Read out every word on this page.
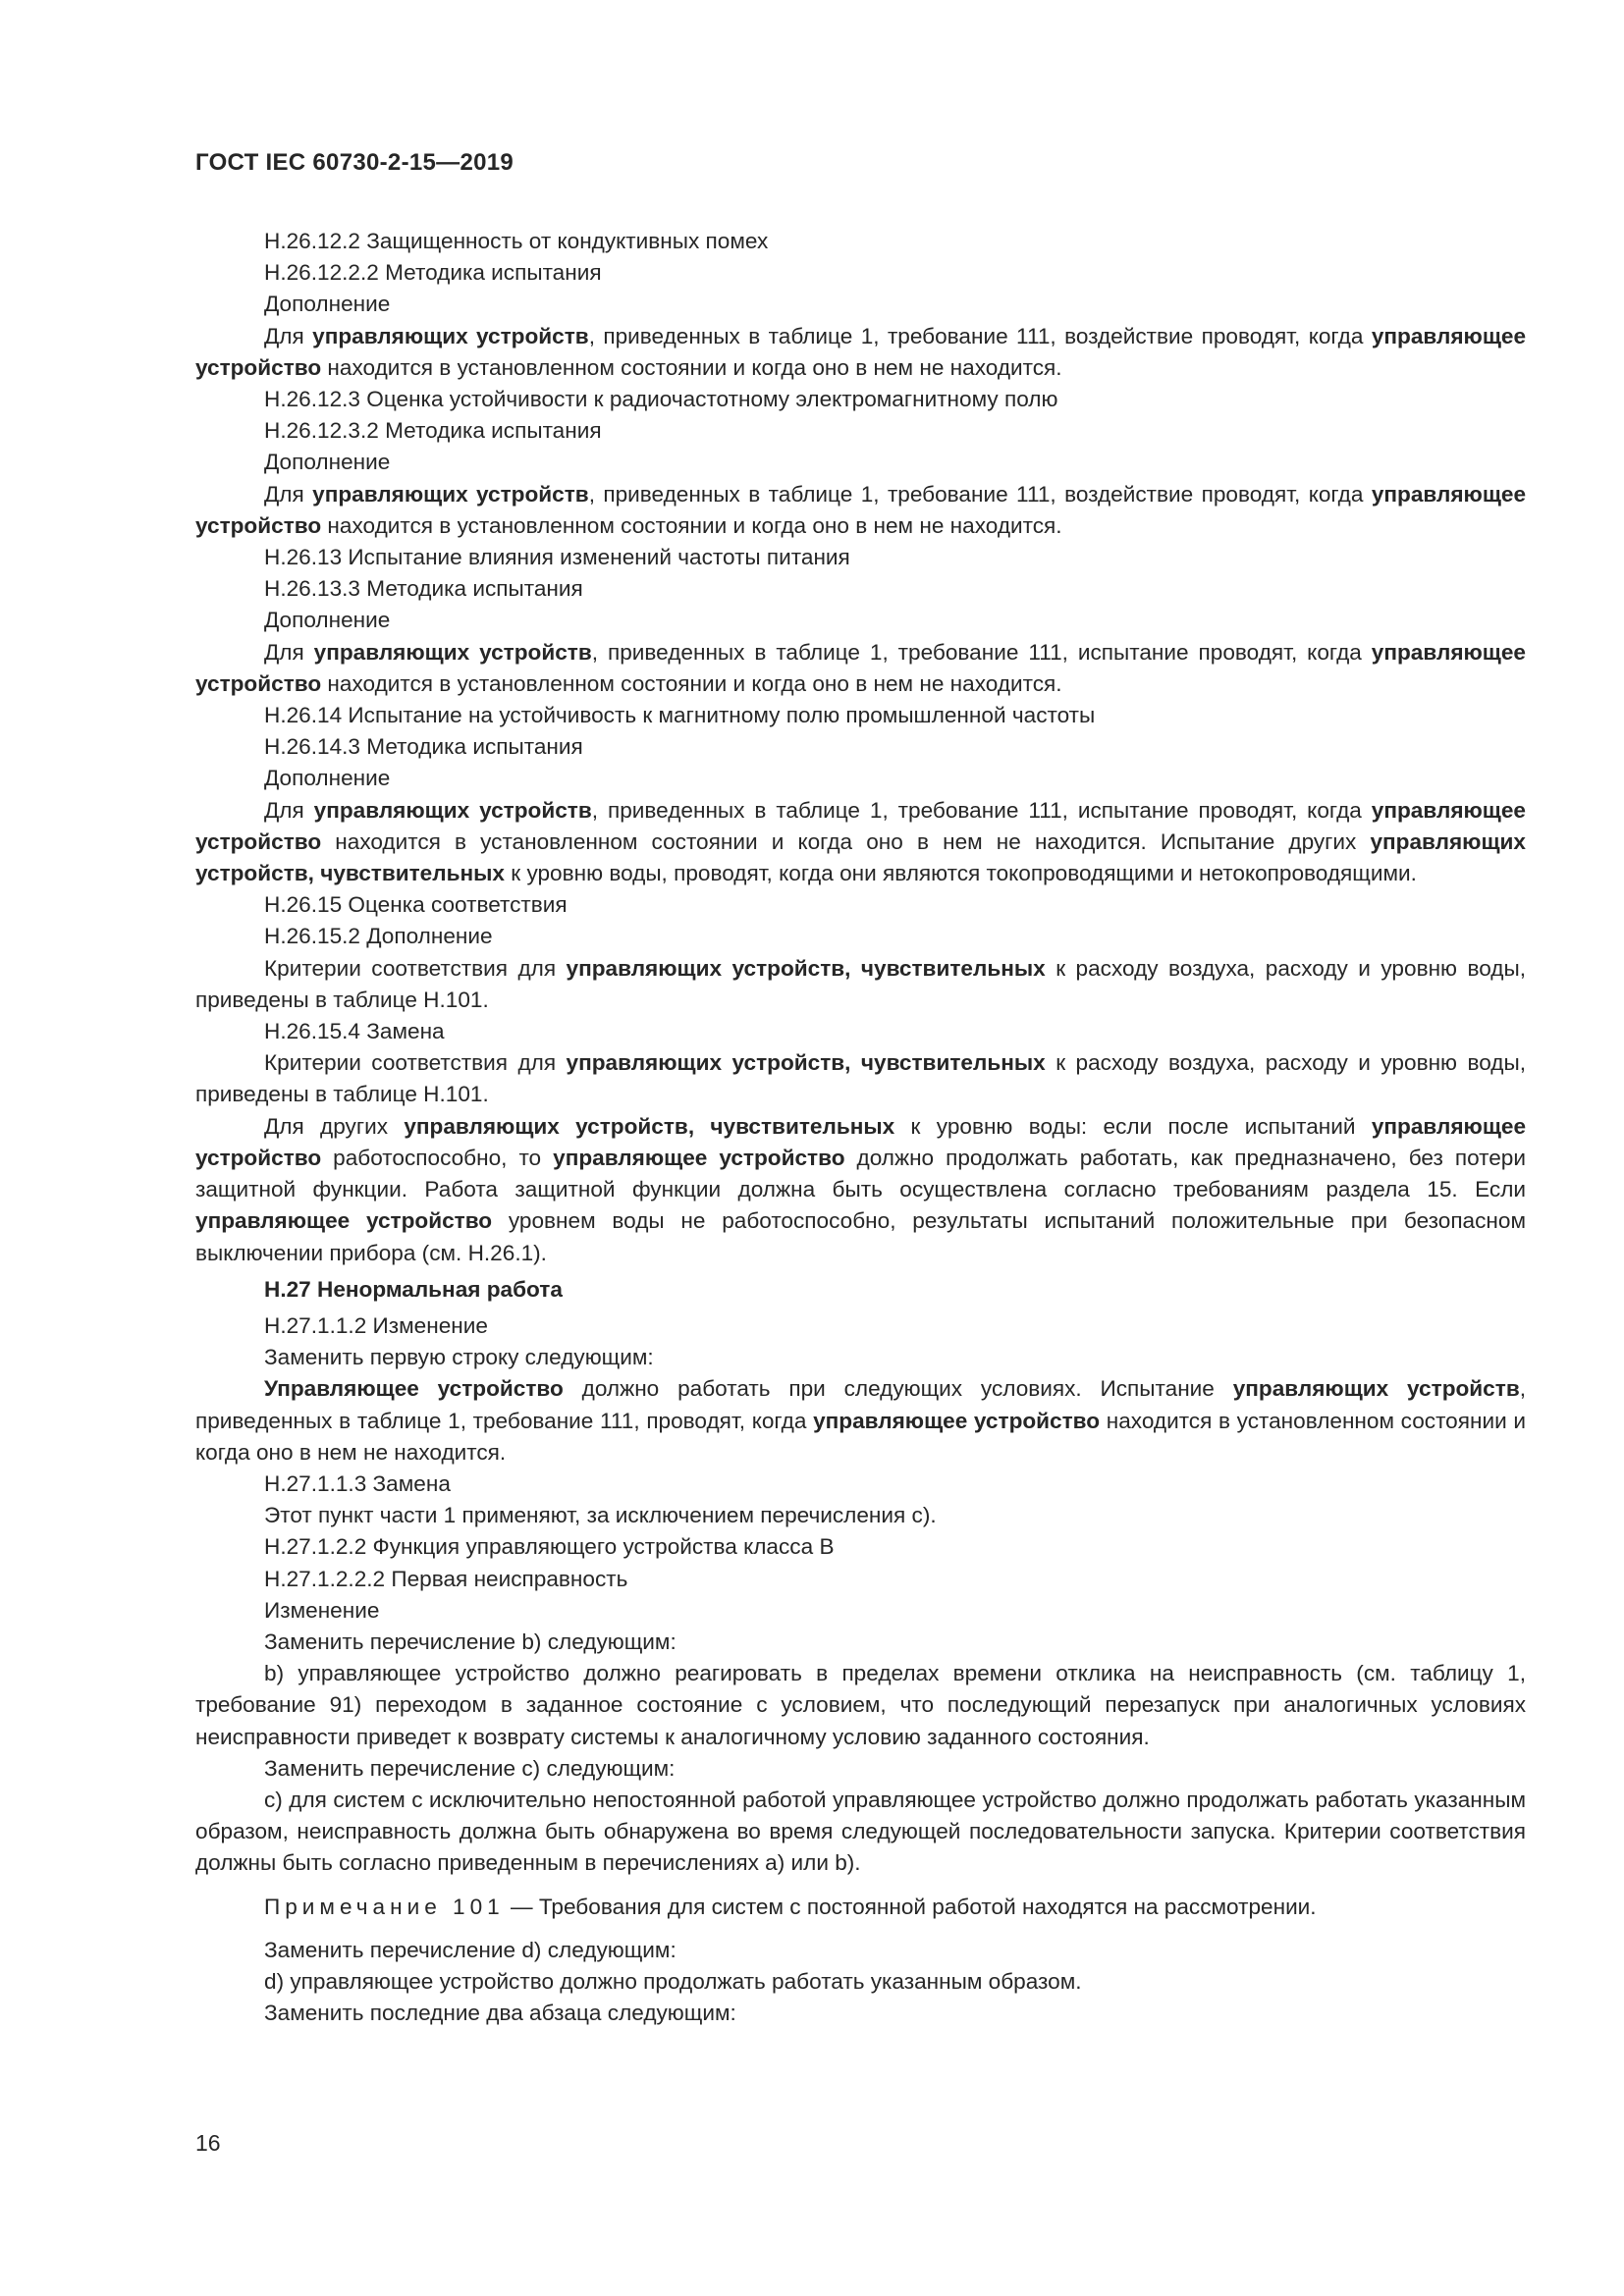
ГОСТ IEC 60730-2-15—2019

H.26.12.2 Защищенность от кондуктивных помех

H.26.12.2.2 Методика испытания

Дополнение

Для управляющих устройств, приведенных в таблице 1, требование 111, воздействие проводят, когда управляющее устройство находится в установленном состоянии и когда оно в нем не находится.

H.26.12.3 Оценка устойчивости к радиочастотному электромагнитному полю

H.26.12.3.2 Методика испытания

Дополнение

Для управляющих устройств, приведенных в таблице 1, требование 111, воздействие проводят, когда управляющее устройство находится в установленном состоянии и когда оно в нем не находится.

H.26.13 Испытание влияния изменений частоты питания

H.26.13.3 Методика испытания

Дополнение

Для управляющих устройств, приведенных в таблице 1, требование 111, испытание проводят, когда управляющее устройство находится в установленном состоянии и когда оно в нем не находится.

H.26.14 Испытание на устойчивость к магнитному полю промышленной частоты

H.26.14.3 Методика испытания

Дополнение

Для управляющих устройств, приведенных в таблице 1, требование 111, испытание проводят, когда управляющее устройство находится в установленном состоянии и когда оно в нем не находится. Испытание других управляющих устройств, чувствительных к уровню воды, проводят, когда они являются токопроводящими и нетокопроводящими.

H.26.15 Оценка соответствия

H.26.15.2 Дополнение

Критерии соответствия для управляющих устройств, чувствительных к расходу воздуха, расходу и уровню воды, приведены в таблице H.101.

H.26.15.4 Замена

Критерии соответствия для управляющих устройств, чувствительных к расходу воздуха, расходу и уровню воды, приведены в таблице H.101.

Для других управляющих устройств, чувствительных к уровню воды: если после испытаний управляющее устройство работоспособно, то управляющее устройство должно продолжать работать, как предназначено, без потери защитной функции. Работа защитной функции должна быть осуществлена согласно требованиям раздела 15. Если управляющее устройство уровнем воды не работоспособно, результаты испытаний положительные при безопасном выключении прибора (см. H.26.1).

H.27 Ненормальная работа

H.27.1.1.2 Изменение

Заменить первую строку следующим:

Управляющее устройство должно работать при следующих условиях. Испытание управляющих устройств, приведенных в таблице 1, требование 111, проводят, когда управляющее устройство находится в установленном состоянии и когда оно в нем не находится.

H.27.1.1.3 Замена

Этот пункт части 1 применяют, за исключением перечисления c).

H.27.1.2.2 Функция управляющего устройства класса B

H.27.1.2.2.2 Первая неисправность

Изменение

Заменить перечисление b) следующим:

b) управляющее устройство должно реагировать в пределах времени отклика на неисправность (см. таблицу 1, требование 91) переходом в заданное состояние с условием, что последующий перезапуск при аналогичных условиях неисправности приведет к возврату системы к аналогичному условию заданного состояния.

Заменить перечисление c) следующим:

c) для систем с исключительно непостоянной работой управляющее устройство должно продолжать работать указанным образом, неисправность должна быть обнаружена во время следующей последовательности запуска. Критерии соответствия должны быть согласно приведенным в перечислениях a) или b).

Примечание 101 — Требования для систем с постоянной работой находятся на рассмотрении.

Заменить перечисление d) следующим:

d) управляющее устройство должно продолжать работать указанным образом.

Заменить последние два абзаца следующим:

16
